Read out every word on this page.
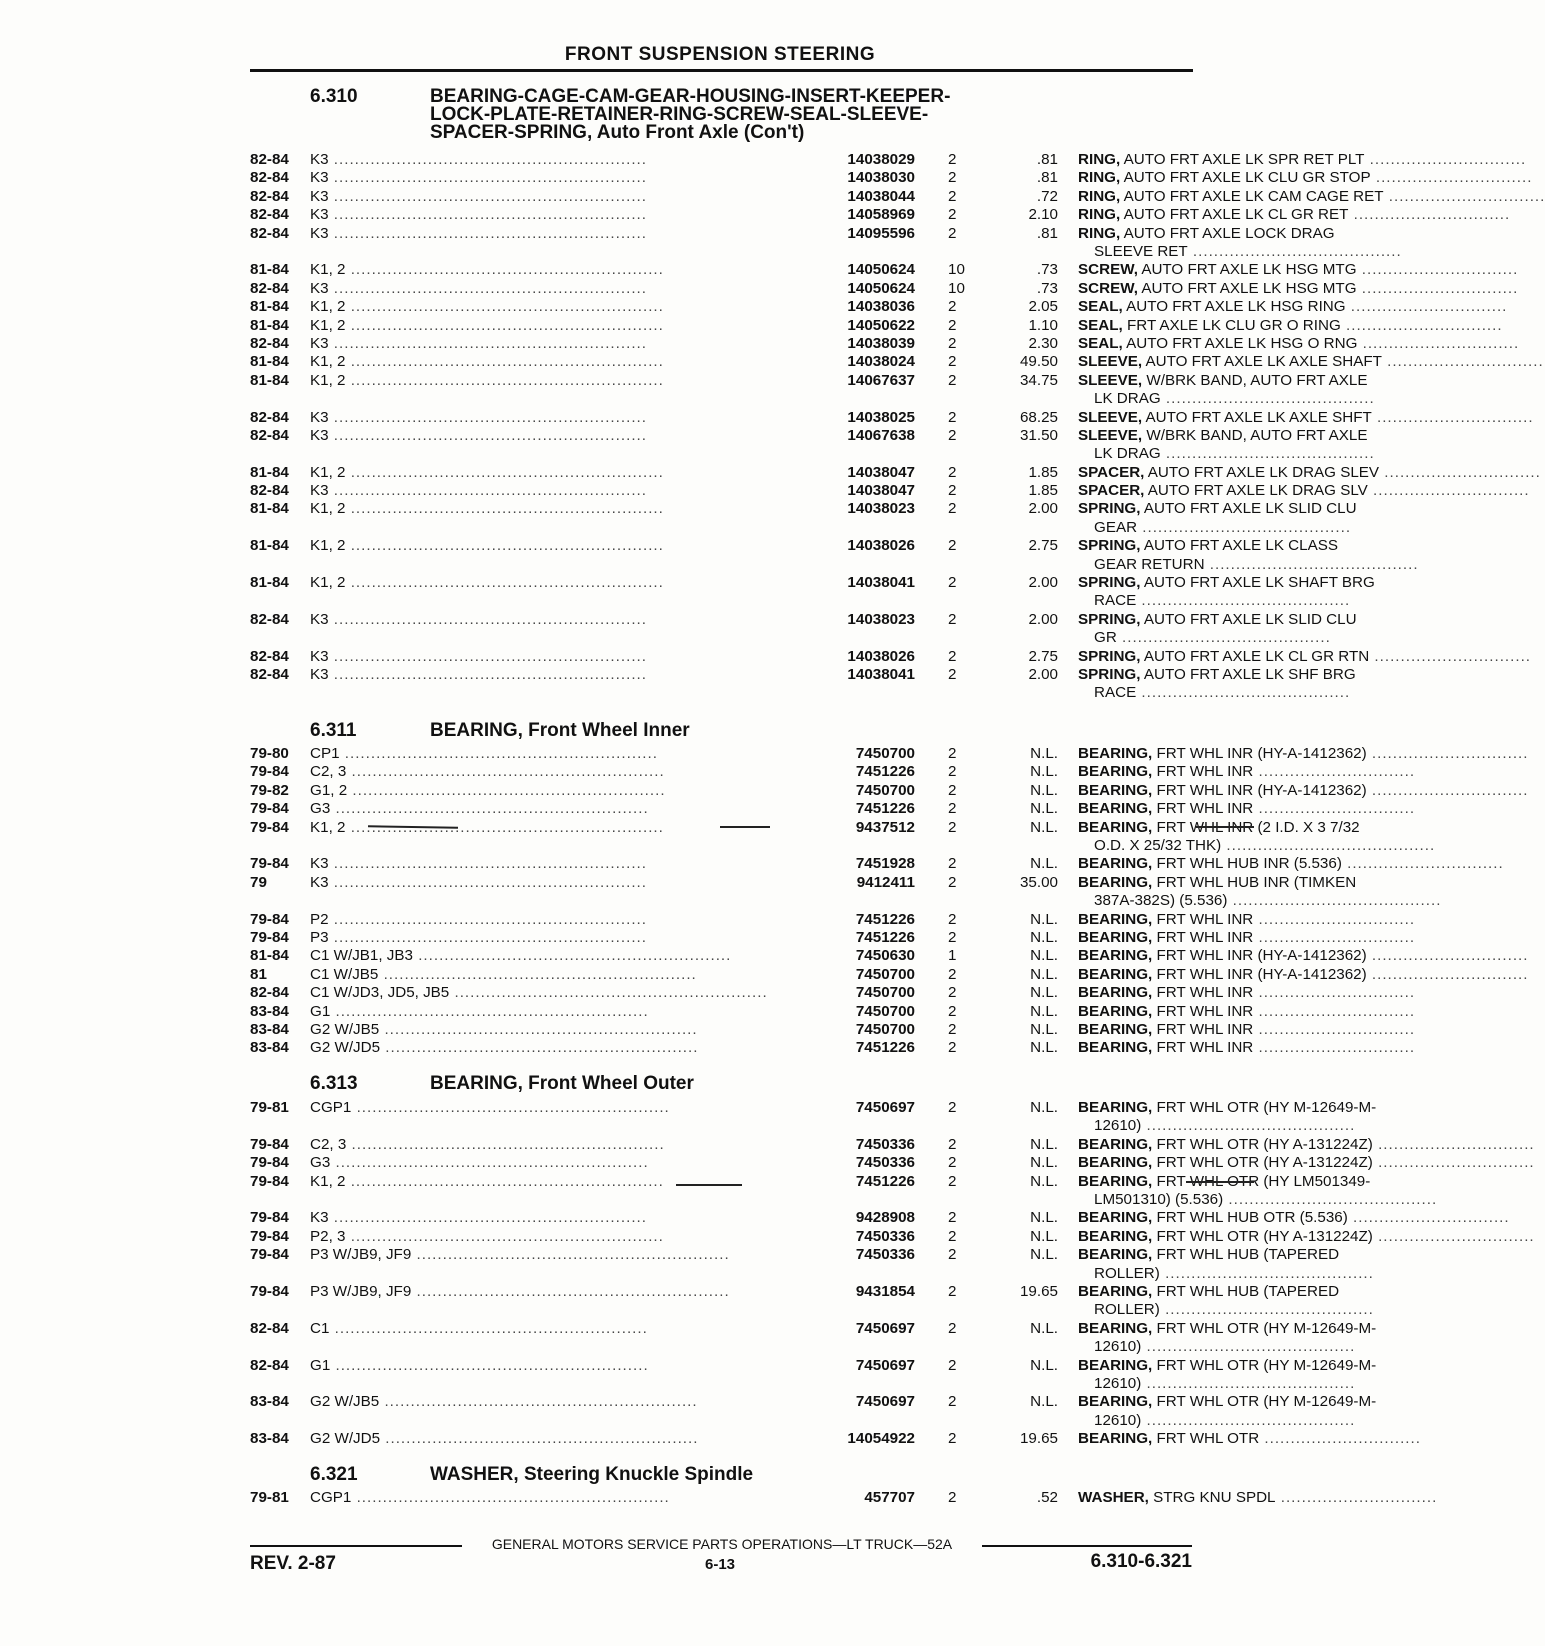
FRONT SUSPENSION STEERING
6.310	BEARING-CAGE-CAM-GEAR-HOUSING-INSERT-KEEPER-
LOCK-PLATE-RETAINER-RING-SCREW-SEAL-SLEEVE-
SPACER-SPRING, Auto Front Axle (Con't)
82-84	K3 ............................................................	14038029 2	.81 RING, AUTO FRT AXLE LK SPR RET PLT ..............................
82-84	K3 ............................................................	14038030 2	.81 RING, AUTO FRT AXLE LK CLU GR STOP ..............................
82-84	K3 ............................................................	14038044 2	.72 RING, AUTO FRT AXLE LK CAM CAGE RET ..............................
82-84	K3 ............................................................	14058969 2	2.10 RING, AUTO FRT AXLE LK CL GR RET ..............................
82-84	K3 ............................................................	14095596 2	.81 RING, AUTO FRT AXLE LOCK DRAG
SLEEVE RET ........................................
81-84	K1, 2 ............................................................	14050624 10	.73 SCREW, AUTO FRT AXLE LK HSG MTG ..............................
82-84	K3 ............................................................	14050624 10	.73 SCREW, AUTO FRT AXLE LK HSG MTG ..............................
81-84	K1, 2 ............................................................	14038036 2	2.05 SEAL, AUTO FRT AXLE LK HSG RING ..............................
81-84	K1, 2 ............................................................	14050622 2	1.10 SEAL, FRT AXLE LK CLU GR O RING ..............................
82-84	K3 ............................................................	14038039 2	2.30 SEAL, AUTO FRT AXLE LK HSG O RNG ..............................
81-84	K1, 2 ............................................................	14038024 2	49.50 SLEEVE, AUTO FRT AXLE LK AXLE SHAFT ..............................
81-84	K1, 2 ............................................................	14067637 2	34.75 SLEEVE, W/BRK BAND, AUTO FRT AXLE
LK DRAG ........................................
82-84	K3 ............................................................	14038025 2	68.25 SLEEVE, AUTO FRT AXLE LK AXLE SHFT ..............................
82-84	K3 ............................................................	14067638 2	31.50 SLEEVE, W/BRK BAND, AUTO FRT AXLE
LK DRAG ........................................
81-84	K1, 2 ............................................................	14038047 2	1.85 SPACER, AUTO FRT AXLE LK DRAG SLEV ..............................
82-84	K3 ............................................................	14038047 2	1.85 SPACER, AUTO FRT AXLE LK DRAG SLV ..............................
81-84	K1, 2 ............................................................	14038023 2	2.00 SPRING, AUTO FRT AXLE LK SLID CLU
GEAR ........................................
81-84	K1, 2 ............................................................	14038026 2	2.75 SPRING, AUTO FRT AXLE LK CLASS
GEAR RETURN ........................................
81-84	K1, 2 ............................................................	14038041 2	2.00 SPRING, AUTO FRT AXLE LK SHAFT BRG
RACE ........................................
82-84	K3 ............................................................	14038023 2	2.00 SPRING, AUTO FRT AXLE LK SLID CLU
GR ........................................
82-84	K3 ............................................................	14038026 2	2.75 SPRING, AUTO FRT AXLE LK CL GR RTN ..............................
82-84	K3 ............................................................	14038041 2	2.00 SPRING, AUTO FRT AXLE LK SHF BRG
RACE ........................................
6.311	BEARING, Front Wheel Inner
79-80	CP1 ............................................................	7450700 2	N.L. BEARING, FRT WHL INR (HY-A-1412362) ..............................
79-84	C2, 3 ............................................................	7451226 2	N.L. BEARING, FRT WHL INR ..............................
79-82	G1, 2 ............................................................	7450700 2	N.L. BEARING, FRT WHL INR (HY-A-1412362) ..............................
79-84	G3 ............................................................	7451226 2	N.L. BEARING, FRT WHL INR ..............................
79-84	K1, 2 ............................................................	9437512 2	N.L. BEARING, FRT WHL INR (2 I.D. X 3 7/32
O.D. X 25/32 THK) ........................................
79-84	K3 ............................................................	7451928 2	N.L. BEARING, FRT WHL HUB INR (5.536) ..............................
79	K3 ............................................................	9412411 2	35.00 BEARING, FRT WHL HUB INR (TIMKEN
387A-382S) (5.536) ........................................
79-84	P2 ............................................................	7451226 2	N.L. BEARING, FRT WHL INR ..............................
79-84	P3 ............................................................	7451226 2	N.L. BEARING, FRT WHL INR ..............................
81-84	C1 W/JB1, JB3 ............................................................	7450630 1	N.L. BEARING, FRT WHL INR (HY-A-1412362) ..............................
81	C1 W/JB5 ............................................................	7450700 2	N.L. BEARING, FRT WHL INR (HY-A-1412362) ..............................
82-84	C1 W/JD3, JD5, JB5 ............................................................	7450700 2	N.L. BEARING, FRT WHL INR ..............................
83-84	G1 ............................................................	7450700 2	N.L. BEARING, FRT WHL INR ..............................
83-84	G2 W/JB5 ............................................................	7450700 2	N.L. BEARING, FRT WHL INR ..............................
83-84	G2 W/JD5 ............................................................	7451226 2	N.L. BEARING, FRT WHL INR ..............................
6.313	BEARING, Front Wheel Outer
79-81	CGP1 ............................................................	7450697 2	N.L. BEARING, FRT WHL OTR (HY M-12649-M-
12610) ........................................
79-84	C2, 3 ............................................................	7450336 2	N.L. BEARING, FRT WHL OTR (HY A-131224Z) ..............................
79-84	G3 ............................................................	7450336 2	N.L. BEARING, FRT WHL OTR (HY A-131224Z) ..............................
79-84	K1, 2 ............................................................	7451226 2	N.L. BEARING, FRT WHL OTR (HY LM501349-
LM501310) (5.536) ........................................
79-84	K3 ............................................................	9428908 2	N.L. BEARING, FRT WHL HUB OTR (5.536) ..............................
79-84	P2, 3 ............................................................	7450336 2	N.L. BEARING, FRT WHL OTR (HY A-131224Z) ..............................
79-84	P3 W/JB9, JF9 ............................................................	7450336 2	N.L. BEARING, FRT WHL HUB (TAPERED
ROLLER) ........................................
79-84	P3 W/JB9, JF9 ............................................................	9431854 2	19.65 BEARING, FRT WHL HUB (TAPERED
ROLLER) ........................................
82-84	C1 ............................................................	7450697 2	N.L. BEARING, FRT WHL OTR (HY M-12649-M-
12610) ........................................
82-84	G1 ............................................................	7450697 2	N.L. BEARING, FRT WHL OTR (HY M-12649-M-
12610) ........................................
83-84	G2 W/JB5 ............................................................	7450697 2	N.L. BEARING, FRT WHL OTR (HY M-12649-M-
12610) ........................................
83-84	G2 W/JD5 ............................................................	14054922 2	19.65 BEARING, FRT WHL OTR ..............................
6.321	WASHER, Steering Knuckle Spindle
79-81	CGP1 ............................................................	457707 2	.52 WASHER, STRG KNU SPDL ..............................
GENERAL MOTORS SERVICE PARTS OPERATIONS—LT TRUCK—52A
REV. 2-87	6-13	6.310-6.321
